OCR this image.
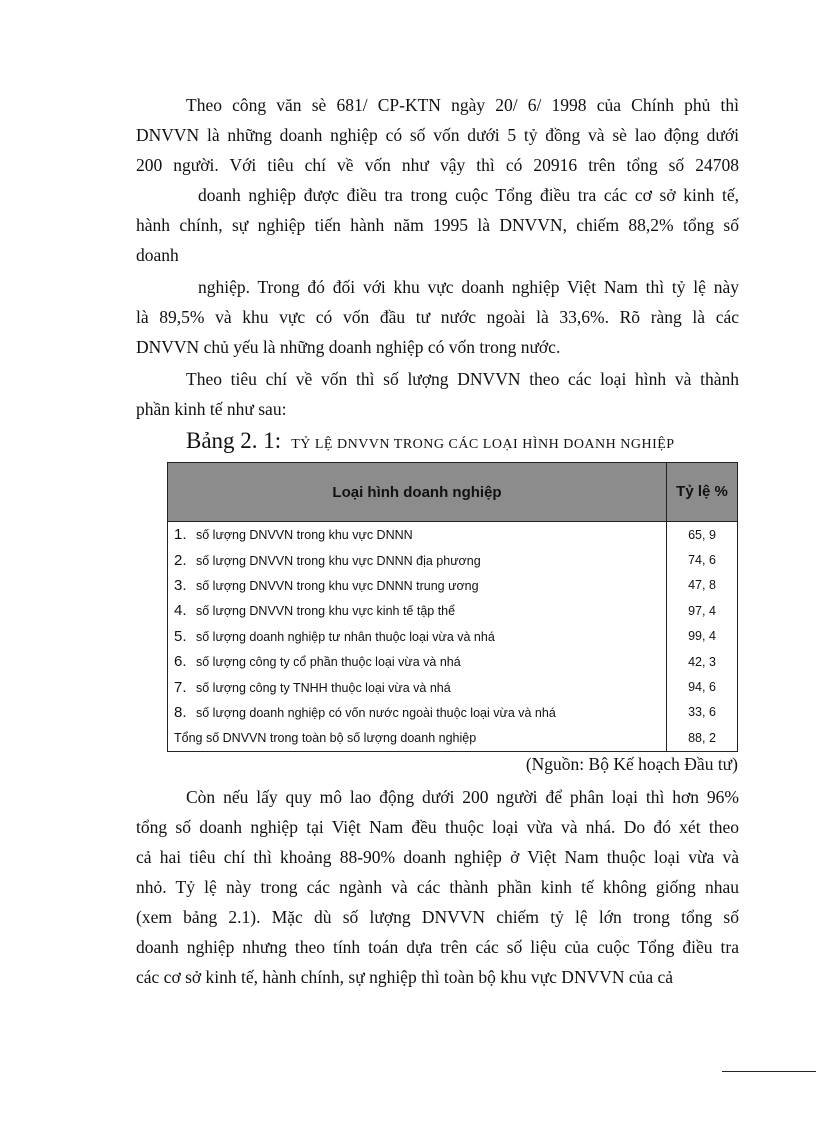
Theo công văn sè 681/ CP-KTN ngày 20/ 6/ 1998 của Chính phủ thì
DNVVN là những doanh nghiệp có số vốn dưới 5 tỷ đồng và sè lao động dưới
200 người. Với tiêu chí về vốn như vậy thì có 20916 trên tổng số 24708
doanh nghiệp được điều tra trong cuộc Tổng điều tra các cơ sở kinh tế,
hành chính, sự nghiệp tiến hành năm 1995 là DNVVN, chiếm 88,2% tổng số
doanh
nghiệp. Trong đó đối với khu vực doanh nghiệp Việt Nam thì tỷ lệ này
là 89,5% và khu vực có vốn đầu tư nước ngoài là 33,6%. Rõ ràng là các
DNVVN chủ yếu là những doanh nghiệp có vốn trong nước.
Theo tiêu chí về vốn thì số lượng DNVVN theo các loại hình và thành
phần kinh tế như sau:
Bảng 2. 1: TỶ LỆ DNVVN TRONG CÁC LOẠI HÌNH DOANH NGHIỆP
Loại hình doanh nghiệp	Tỷ lệ %
1. số lượng DNVVN trong khu vực DNNN	65, 9
2. số lượng DNVVN trong khu vực DNNN địa phương	74, 6
3. số lượng DNVVN trong khu vực DNNN trung ương	47, 8
4. số lượng DNVVN trong khu vực kinh tế tập thể	97, 4
5. số lượng doanh nghiệp tư nhân thuộc loại vừa và nhá	99, 4
6. số lượng công ty cổ phần thuộc loại vừa và nhá	42, 3
7. số lượng công ty TNHH thuộc loại vừa và nhá	94, 6
8. số lượng doanh nghiệp có vốn nước ngoài thuộc loại vừa và nhá	33, 6
Tổng số DNVVN trong toàn bộ số lượng doanh nghiệp	88, 2
(Nguồn: Bộ Kế hoạch Đầu tư)
Còn nếu lấy quy mô lao động dưới 200 người để phân loại thì hơn 96%
tổng số doanh nghiệp tại Việt Nam đều thuộc loại vừa và nhá. Do đó xét theo
cả hai tiêu chí thì khoảng 88-90% doanh nghiệp ở Việt Nam thuộc loại vừa và
nhỏ. Tỷ lệ này trong các ngành và các thành phần kinh tế không giống nhau
(xem bảng 2.1). Mặc dù số lượng DNVVN chiếm tỷ lệ lớn trong tổng số
doanh nghiệp nhưng theo tính toán dựa trên các số liệu của cuộc Tổng điều tra
các cơ sở kinh tế, hành chính, sự nghiệp thì toàn bộ khu vực DNVVN của cả
